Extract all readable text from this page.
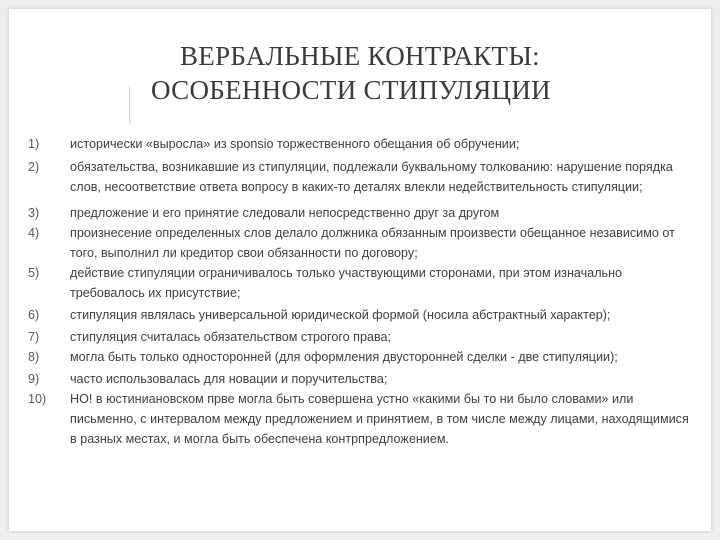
ВЕРБАЛЬНЫЕ КОНТРАКТЫ:
ОСОБЕННОСТИ СТИПУЛЯЦИИ
1)	исторически «выросла» из sponsio торжественного обещания об обручении;
2)	обязательства, возникавшие из стипуляции, подлежали буквальному толкованию: нарушение порядка слов, несоответствие ответа вопросу в каких-то деталях влекли недействительность стипуляции;
3)	предложение и его принятие следовали непосредственно друг за другом
4)	произнесение определенных слов делало должника обязанным произвести обещанное независимо от того, выполнил ли кредитор свои обязанности по договору;
5)	действие стипуляции ограничивалось только участвующими сторонами, при этом изначально требовалось их присутствие;
6)	стипуляция являлась универсальной юридической формой (носила абстрактный характер);
7)	стипуляция считалась обязательством строгого права;
8)	могла быть только односторонней (для оформления двусторонней сделки - две стипуляции);
9)	часто использовалась для новации и поручительства;
10)	НО! в юстиниановском прве могла быть совершена устно «какими бы то ни было словами» или письменно, с интервалом между предложением и принятием, в том числе между лицами, находящимися в разных местах, и могла быть обеспечена контрпредложением.
